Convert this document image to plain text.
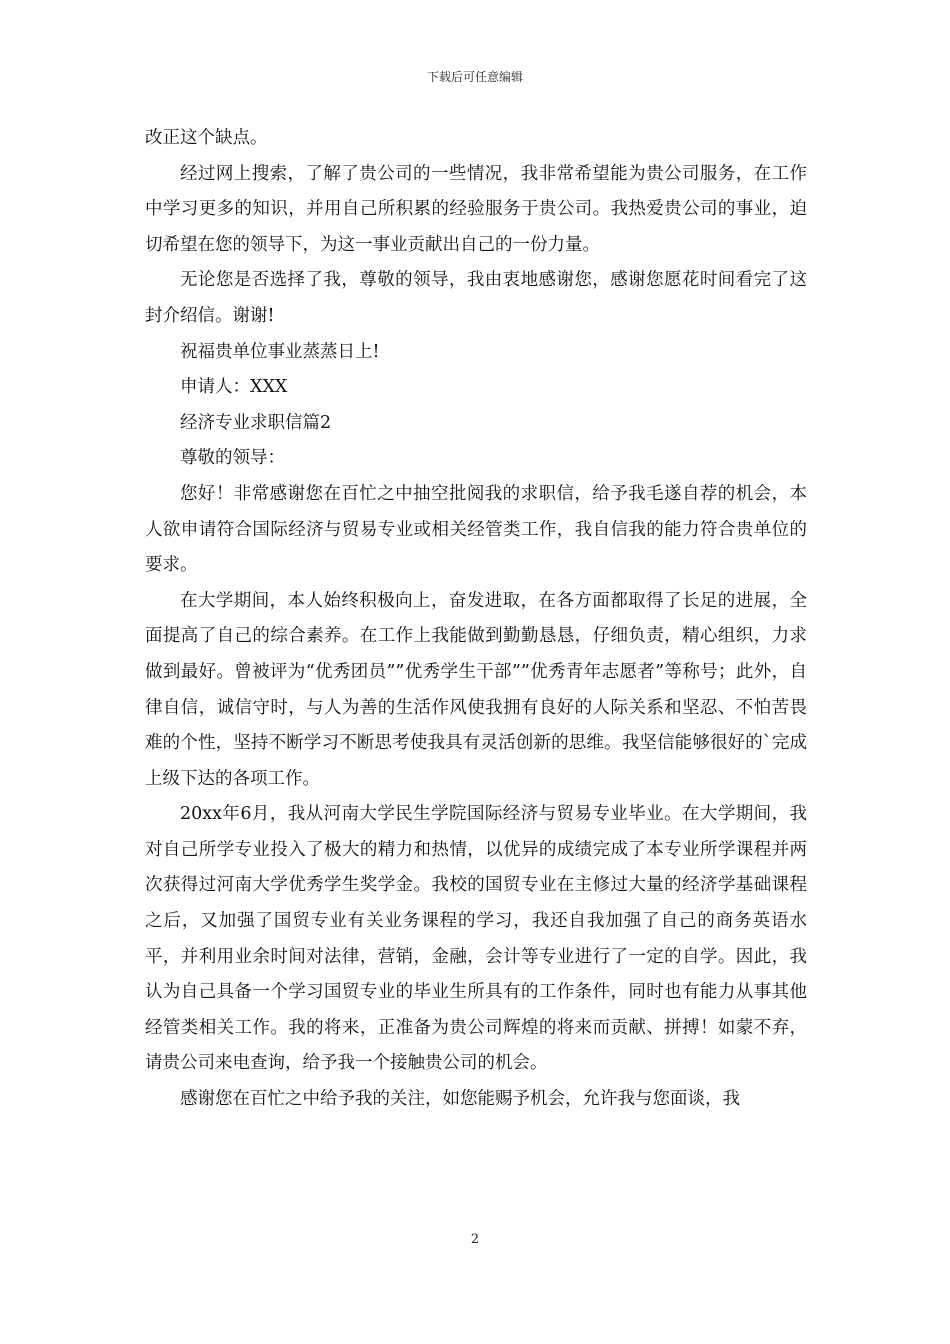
下载后可任意编辑

改正这个缺点。

经过网上搜索，了解了贵公司的一些情况，我非常希望能为贵公司服务，在工作中学习更多的知识，并用自己所积累的经验服务于贵公司。我热爱贵公司的事业，迫切希望在您的领导下，为这一事业贡献出自己的一份力量。

无论您是否选择了我，尊敬的领导，我由衷地感谢您，感谢您愿花时间看完了这封介绍信。谢谢!

祝福贵单位事业蒸蒸日上!

申请人：XXX

经济专业求职信篇2

尊敬的领导：

您好！非常感谢您在百忙之中抽空批阅我的求职信，给予我毛遂自荐的机会，本人欲申请符合国际经济与贸易专业或相关经管类工作，我自信我的能力符合贵单位的要求。

在大学期间，本人始终积极向上，奋发进取，在各方面都取得了长足的进展，全面提高了自己的综合素养。在工作上我能做到勤勤恳恳，仔细负责，精心组织，力求做到最好。曾被评为“优秀团员””优秀学生干部””优秀青年志愿者”等称号；此外，自律自信，诚信守时，与人为善的生活作风使我拥有良好的人际关系和坚忍、不怕苦畏难的个性，坚持不断学习不断思考使我具有灵活创新的思维。我坚信能够很好的`完成上级下达的各项工作。

20xx年6月，我从河南大学民生学院国际经济与贸易专业毕业。在大学期间，我对自己所学专业投入了极大的精力和热情，以优异的成绩完成了本专业所学课程并两次获得过河南大学优秀学生奖学金。我校的国贸专业在主修过大量的经济学基础课程之后，又加强了国贸专业有关业务课程的学习，我还自我加强了自己的商务英语水平，并利用业余时间对法律，营销，金融，会计等专业进行了一定的自学。因此，我认为自己具备一个学习国贸专业的毕业生所具有的工作条件，同时也有能力从事其他经管类相关工作。我的将来，正准备为贵公司辉煌的将来而贡献、拼搏！如蒙不弃，请贵公司来电查询，给予我一个接触贵公司的机会。

感谢您在百忙之中给予我的关注，如您能赐予机会，允许我与您面谈，我

2
